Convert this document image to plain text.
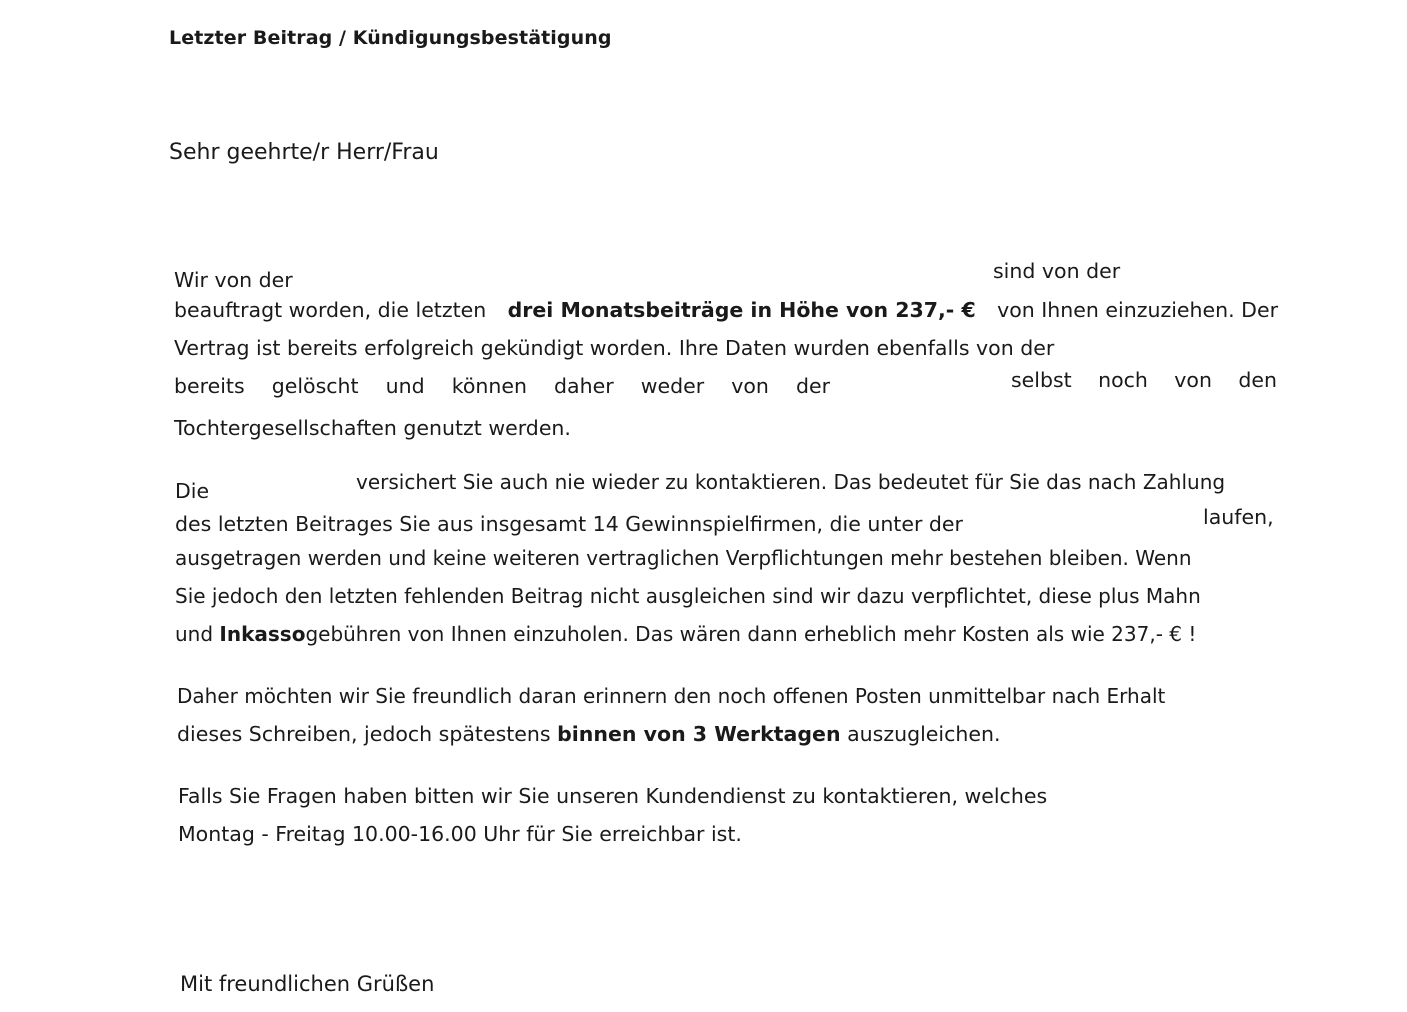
Letzter Beitrag / Kündigungsbestätigung
Sehr geehrte/r Herr/Frau
Wir von der	sind von der
beauftragt worden, die letzten drei Monatsbeiträge in Höhe von 237,- € von Ihnen einzuziehen. Der
Vertrag ist bereits erfolgreich gekündigt worden. Ihre Daten wurden ebenfalls von der
bereits gelöscht und können daher weder von der	selbst noch von den
Tochtergesellschaften genutzt werden.
Die	versichert Sie auch nie wieder zu kontaktieren. Das bedeutet für Sie das nach Zahlung
des letzten Beitrages Sie aus insgesamt 14 Gewinnspielfirmen, die unter der	laufen,
ausgetragen werden und keine weiteren vertraglichen Verpflichtungen mehr bestehen bleiben. Wenn
Sie jedoch den letzten fehlenden Beitrag nicht ausgleichen sind wir dazu verpflichtet, diese plus Mahn
und Inkassogebühren von Ihnen einzuholen. Das wären dann erheblich mehr Kosten als wie 237,- € !
Daher möchten wir Sie freundlich daran erinnern den noch offenen Posten unmittelbar nach Erhalt
dieses Schreiben, jedoch spätestens binnen von 3 Werktagen auszugleichen.
Falls Sie Fragen haben bitten wir Sie unseren Kundendienst zu kontaktieren, welches
Montag - Freitag 10.00-16.00 Uhr für Sie erreichbar ist.
Mit freundlichen Grüßen
